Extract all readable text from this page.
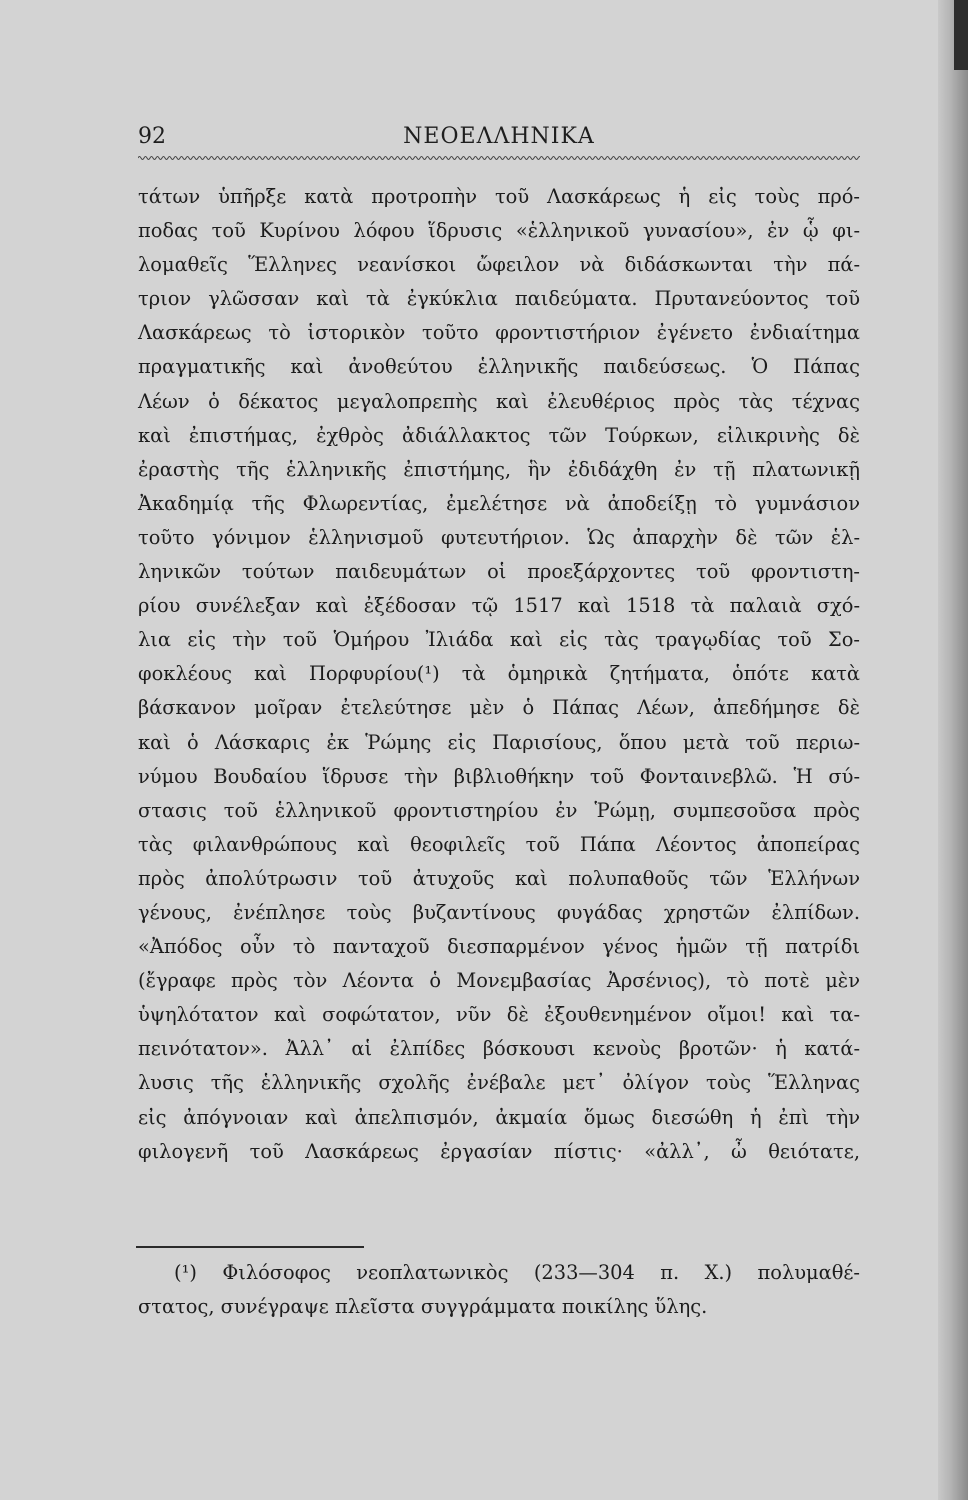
92	ΝΕΟΕΛΛΗΝΙΚΑ
τάτων ὑπῆρξε κατὰ προτροπὴν τοῦ Λασκάρεως ἡ εἰς τοὺς πρό-
ποδας τοῦ Κυρίνου λόφου ἵδρυσις «ἑλληνικοῦ γυνασίου», ἐν ᾧ φι-
λομαθεῖς Ἕλληνες νεανίσκοι ὤφειλον νὰ διδάσκωνται τὴν πά-
τριον γλῶσσαν καὶ τὰ ἐγκύκλια παιδεύματα. Πρυτανεύοντος τοῦ
Λασκάρεως τὸ ἱστορικὸν τοῦτο φροντιστήριον ἐγένετο ἐνδιαίτημα
πραγματικῆς καὶ ἀνοθεύτου ἑλληνικῆς παιδεύσεως. Ὁ Πάπας
Λέων ὁ δέκατος μεγαλοπρεπὴς καὶ ἐλευθέριος πρὸς τὰς τέχνας
καὶ ἐπιστήμας, ἐχθρὸς ἀδιάλλακτος τῶν Τούρκων, εἰλικρινὴς δὲ
ἐραστὴς τῆς ἑλληνικῆς ἐπιστήμης, ἣν ἐδιδάχθη ἐν τῇ πλατωνικῇ
Ἀκαδημίᾳ τῆς Φλωρεντίας, ἐμελέτησε νὰ ἀποδείξῃ τὸ γυμνάσιον
τοῦτο γόνιμον ἑλληνισμοῦ φυτευτήριον. Ὡς ἀπαρχὴν δὲ τῶν ἑλ-
ληνικῶν τούτων παιδευμάτων οἱ προεξάρχοντες τοῦ φροντιστη-
ρίου συνέλεξαν καὶ ἐξέδοσαν τῷ 1517 καὶ 1518 τὰ παλαιὰ σχό-
λια εἰς τὴν τοῦ Ὁμήρου Ἰλιάδα καὶ εἰς τὰς τραγῳδίας τοῦ Σο-
φοκλέους καὶ Πορφυρίου(¹) τὰ ὁμηρικὰ ζητήματα, ὁπότε κατὰ
βάσκανον μοῖραν ἐτελεύτησε μὲν ὁ Πάπας Λέων, ἀπεδήμησε δὲ
καὶ ὁ Λάσκαρις ἐκ Ῥώμης εἰς Παρισίους, ὅπου μετὰ τοῦ περιω-
νύμου Βουδαίου ἵδρυσε τὴν βιβλιοθήκην τοῦ Φονταινεβλῶ. Ἡ σύ-
στασις τοῦ ἑλληνικοῦ φροντιστηρίου ἐν Ῥώμῃ, συμπεσοῦσα πρὸς
τὰς φιλανθρώπους καὶ θεοφιλεῖς τοῦ Πάπα Λέοντος ἀποπείρας
πρὸς ἀπολύτρωσιν τοῦ ἀτυχοῦς καὶ πολυπαθοῦς τῶν Ἑλλήνων
γένους, ἐνέπλησε τοὺς βυζαντίνους φυγάδας χρηστῶν ἐλπίδων.
«Ἀπόδος οὖν τὸ πανταχοῦ διεσπαρμένον γένος ἡμῶν τῇ πατρίδι
(ἔγραφε πρὸς τὸν Λέοντα ὁ Μονεμβασίας Ἀρσένιος), τὸ ποτὲ μὲν
ὑψηλότατον καὶ σοφώτατον, νῦν δὲ ἐξουθενημένον οἴμοι! καὶ τα-
πεινότατον». Ἀλλ᾽ αἱ ἐλπίδες βόσκουσι κενοὺς βροτῶν· ἡ κατά-
λυσις τῆς ἑλληνικῆς σχολῆς ἐνέβαλε μετ᾽ ὀλίγον τοὺς Ἕλληνας
εἰς ἀπόγνοιαν καὶ ἀπελπισμόν, ἀκμαία ὅμως διεσώθη ἡ ἐπὶ τὴν
φιλογενῆ τοῦ Λασκάρεως ἐργασίαν πίστις· «ἀλλ᾽, ὦ θειότατε,
(¹) Φιλόσοφος νεοπλατωνικὸς (233—304 π. Χ.) πολυμαθέ-
στατος, συνέγραψε πλεῖστα συγγράμματα ποικίλης ὕλης.
